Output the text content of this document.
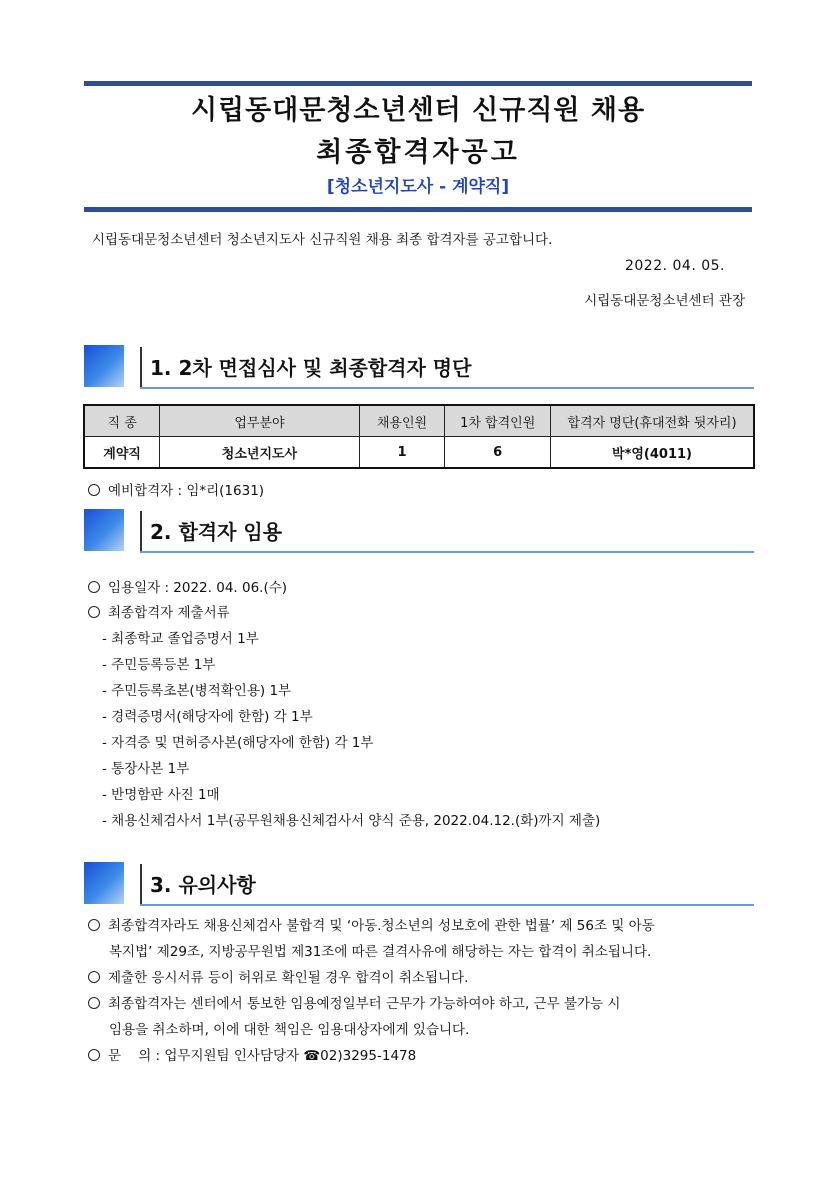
시립동대문청소년센터 신규직원 채용
최종합격자공고
[청소년지도사 - 계약직]
시립동대문청소년센터 청소년지도사 신규직원 채용 최종 합격자를 공고합니다.
2022. 04. 05.
시립동대문청소년센터 관장
1. 2차 면접심사 및 최종합격자 명단
직 종	업무분야	채용인원	1차 합격인원	합격자 명단(휴대전화 뒷자리)
계약직	청소년지도사	1	6	박*영(4011)
예비합격자 : 임*리(1631)
2. 합격자 임용
임용일자 : 2022. 04. 06.(수)
최종합격자 제출서류
- 최종학교 졸업증명서 1부
- 주민등록등본 1부
- 주민등록초본(병적확인용) 1부
- 경력증명서(해당자에 한함) 각 1부
- 자격증 및 면허증사본(해당자에 한함) 각 1부
- 통장사본 1부
- 반명함판 사진 1매
- 채용신체검사서 1부(공무원채용신체검사서 양식 준용, 2022.04.12.(화)까지 제출)
3. 유의사항
최종합격자라도 채용신체검사 불합격 및 ‘아동.청소년의 성보호에 관한 법률’ 제 56조 및 아동
복지법’ 제29조, 지방공무원법 제31조에 따른 결격사유에 해당하는 자는 합격이 취소됩니다.
제출한 응시서류 등이 허위로 확인될 경우 합격이 취소됩니다.
최종합격자는 센터에서 통보한 임용예정일부터 근무가 가능하여야 하고, 근무 불가능 시
임용을 취소하며, 이에 대한 책임은 임용대상자에게 있습니다.
문    의 : 업무지원팀 인사담당자 ☎02)3295-1478
